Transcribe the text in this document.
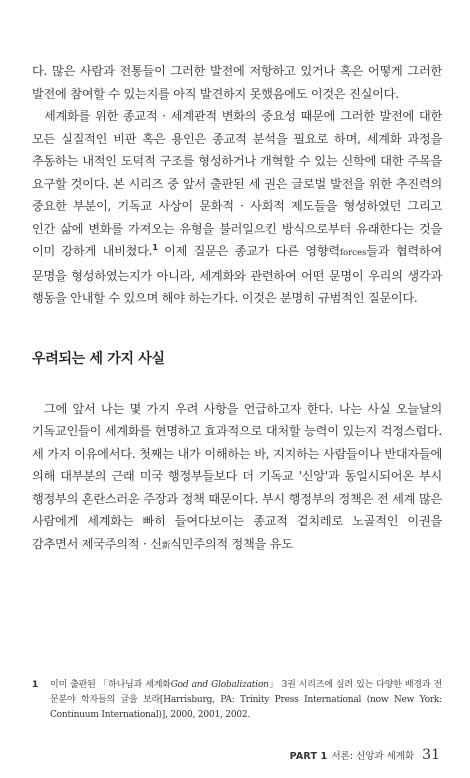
다. 많은 사람과 전통들이 그러한 발전에 저항하고 있거나 혹은 어떻게 그러한 발전에 참여할 수 있는지를 아직 발견하지 못했음에도 이것은 진실이다.

세계화를 위한 종교적 · 세계관적 변화의 중요성 때문에 그러한 발전에 대한 모든 실질적인 비판 혹은 용인은 종교적 분석을 필요로 하며, 세계화 과정을 추동하는 내적인 도덕적 구조를 형성하거나 개혁할 수 있는 신학에 대한 주목을 요구할 것이다. 본 시리즈 중 앞서 출판된 세 권은 글로벌 발전을 위한 추진력의 중요한 부분이, 기독교 사상이 문화적 · 사회적 제도들을 형성하였던 그리고 인간 삶에 변화를 가져오는 유형을 불러일으킨 방식으로부터 유래한다는 것을 이미 강하게 내비쳤다.$^1$ 이제 질문은 종교가 다른 영향력forces들과 협력하여 문명을 형성하였는지가 아니라, 세계화와 관련하여 어떤 문명이 우리의 생각과 행동을 안내할 수 있으며 해야 하는가다. 이것은 분명히 규범적인 질문이다.

우려되는 세 가지 사실

그에 앞서 나는 몇 가지 우려 사항을 언급하고자 한다. 나는 사실 오늘날의 기독교인들이 세계화를 현명하고 효과적으로 대처할 능력이 있는지 걱정스럽다. 세 가지 이유에서다. 첫째는 내가 이해하는 바, 지지하는 사람들이나 반대자들에 의해 대부분의 근래 미국 행정부들보다 더 기독교 '신앙'과 동일시되어온 부시 행정부의 혼란스러운 주장과 정책 때문이다. 부시 행정부의 정책은 전 세계 많은 사람에게 세계화는 빠히 들여다보이는 종교적 겉치레로 노골적인 이권을 감추면서 제국주의적 · 신新식민주의적 정책을 유도

1	이미 출판된 「하나님과 세계화God and Globalization」 3권 시리즈에 실려 있는 다양한 배경과 전문분야 학자들의 글을 보라[Harrisburg, PA: Trinity Press International (now New York: Continuum International)], 2000, 2001, 2002.
PART 1 서론: 신앙과 세계화 31
